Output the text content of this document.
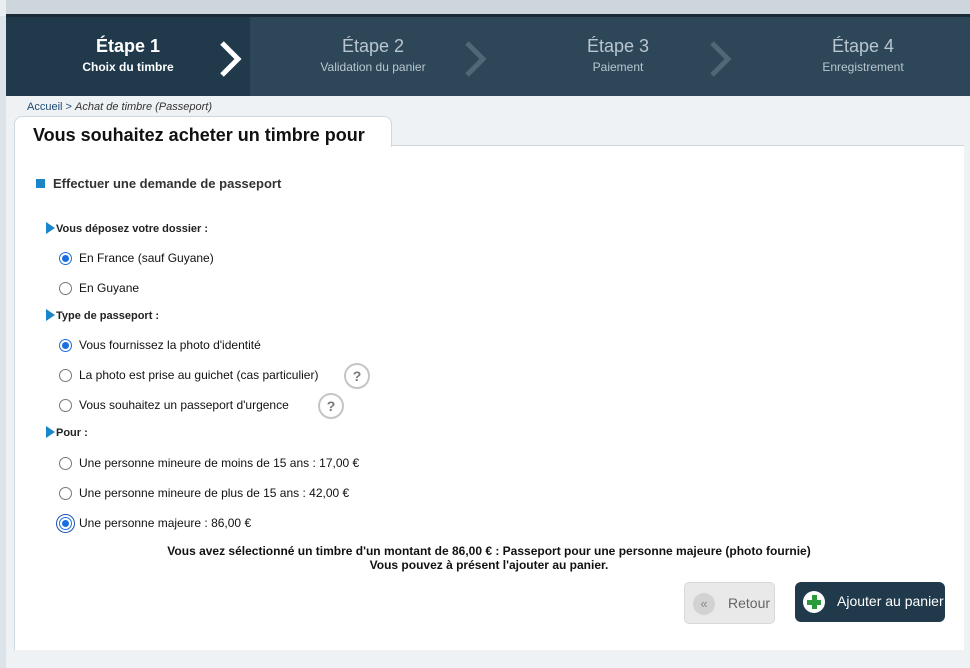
Étape 1
Choix du timbre
Étape 2
Validation du panier
Étape 3
Paiement
Étape 4
Enregistrement
Accueil > Achat de timbre (Passeport)
Vous souhaitez acheter un timbre pour
Effectuer une demande de passeport
Vous déposez votre dossier :
En France (sauf Guyane)
En Guyane
Type de passeport :
Vous fournissez la photo d'identité
La photo est prise au guichet (cas particulier)	?
Vous souhaitez un passeport d'urgence	?
Pour :
Une personne mineure de moins de 15 ans : 17,00 €
Une personne mineure de plus de 15 ans : 42,00 €
Une personne majeure : 86,00 €
Vous avez sélectionné un timbre d'un montant de 86,00 € : Passeport pour une personne majeure (photo fournie)
Vous pouvez à présent l'ajouter au panier.
«	Retour	Ajouter au panier
